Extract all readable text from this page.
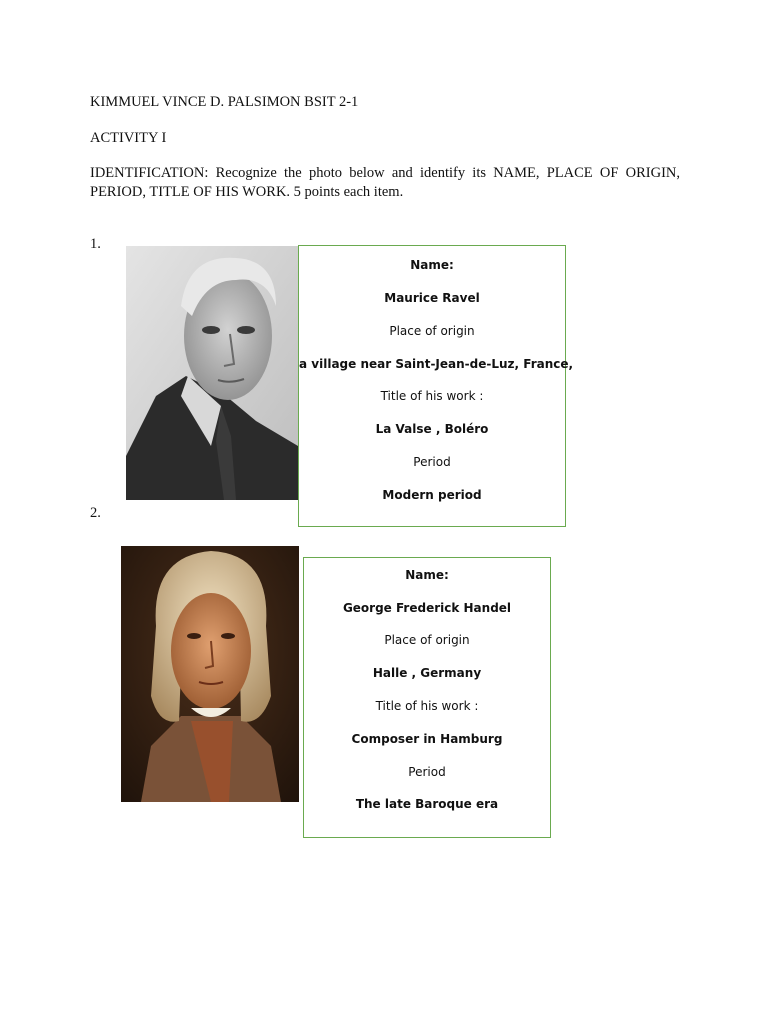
KIMMUEL VINCE D. PALSIMON BSIT 2-1
ACTIVITY I
IDENTIFICATION: Recognize the photo below and identify its NAME, PLACE OF ORIGIN, PERIOD, TITLE OF HIS WORK. 5 points each item.
1.
Name:
Maurice Ravel
Place of origin
a village near Saint-Jean-de-Luz, France,
Title of his work :
La Valse , Boléro
Period
Modern period
2.
Name:
George Frederick Handel
Place of origin
Halle , Germany
Title of his work :
Composer in Hamburg
Period
The late Baroque era
